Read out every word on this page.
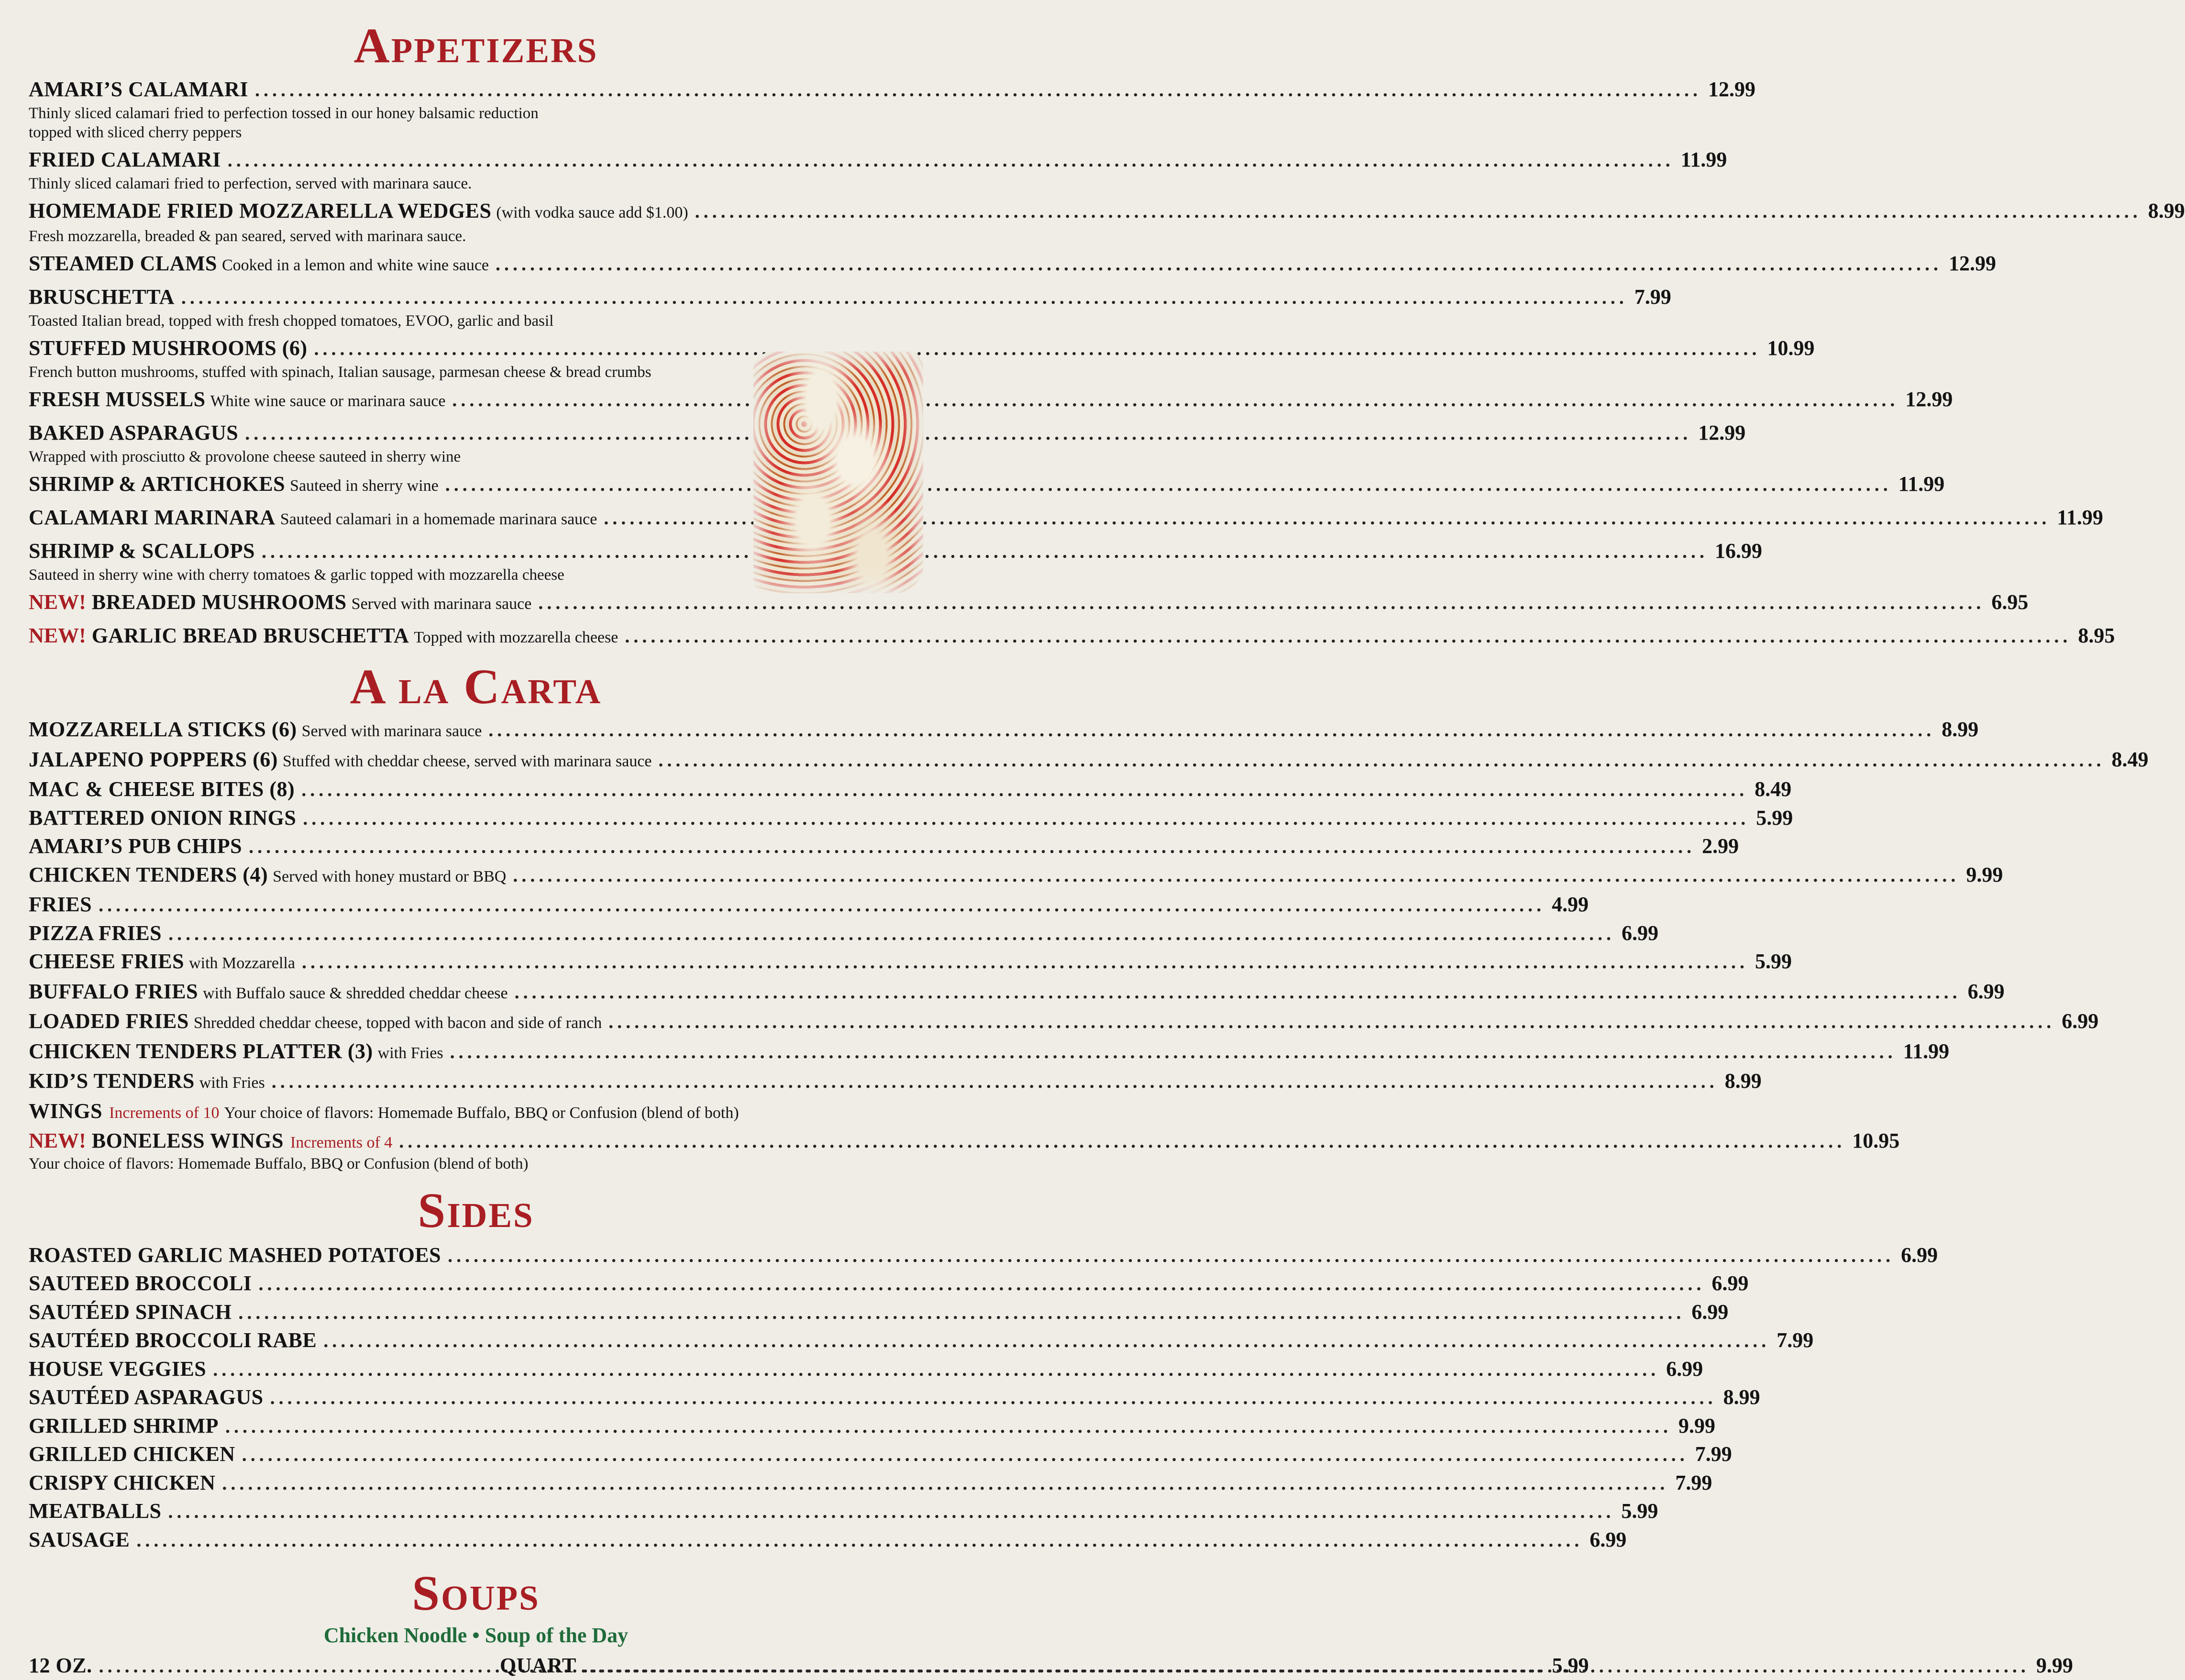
Appetizers
AMARI’S CALAMARI .....	12.99
Thinly sliced calamari fried to perfection tossed in our honey balsamic reduction
topped with sliced cherry peppers
FRIED CALAMARI .....	11.99
Thinly sliced calamari fried to perfection, served with marinara sauce.
HOMEMADE FRIED MOZZARELLA WEDGES (with vodka sauce add $1.00) .....	8.99
Fresh mozzarella, breaded & pan seared, served with marinara sauce.
STEAMED CLAMS Cooked in a lemon and white wine sauce .....	12.99
BRUSCHETTA .....	7.99
Toasted Italian bread, topped with fresh chopped tomatoes, EVOO, garlic and basil
STUFFED MUSHROOMS (6) .....	10.99
French button mushrooms, stuffed with spinach, Italian sausage, parmesan cheese & bread crumbs
FRESH MUSSELS White wine sauce or marinara sauce .....	12.99
BAKED ASPARAGUS .....	12.99
Wrapped with prosciutto & provolone cheese sauteed in sherry wine
SHRIMP & ARTICHOKES Sauteed in sherry wine .....	11.99
CALAMARI MARINARA Sauteed calamari in a homemade marinara sauce .....	11.99
SHRIMP & SCALLOPS .....	16.99
Sauteed in sherry wine with cherry tomatoes & garlic topped with mozzarella cheese
NEW! BREADED MUSHROOMS Served with marinara sauce .....	6.95
NEW! GARLIC BREAD BRUSCHETTA Topped with mozzarella cheese .....	8.95
A la Carta
MOZZARELLA STICKS (6) Served with marinara sauce .....	8.99
JALAPENO POPPERS (6) Stuffed with cheddar cheese, served with marinara sauce .....	8.49
MAC & CHEESE BITES (8) .....	8.49
BATTERED ONION RINGS .....	5.99
AMARI’S PUB CHIPS .....	2.99
CHICKEN TENDERS (4) Served with honey mustard or BBQ .....	9.99
FRIES .....	4.99
PIZZA FRIES .....	6.99
CHEESE FRIES with Mozzarella .....	5.99
BUFFALO FRIES with Buffalo sauce & shredded cheddar cheese .....	6.99
LOADED FRIES Shredded cheddar cheese, topped with bacon and side of ranch .....	6.99
CHICKEN TENDERS PLATTER (3) with Fries .....	11.99
KID’S TENDERS with Fries .....	8.99
WINGS Increments of 10 Your choice of flavors: Homemade Buffalo, BBQ or Confusion (blend of both)
NEW! BONELESS WINGS Increments of 4 .....	10.95
Your choice of flavors: Homemade Buffalo, BBQ or Confusion (blend of both)
Sides
ROASTED GARLIC MASHED POTATOES .....	6.99
SAUTEED BROCCOLI .....	6.99
SAUTÉED SPINACH .....	6.99
SAUTÉED BROCCOLI RABE .....	7.99
HOUSE VEGGIES .....	6.99
SAUTÉED ASPARAGUS .....	8.99
GRILLED SHRIMP .....	9.99
GRILLED CHICKEN .....	7.99
CRISPY CHICKEN .....	7.99
MEATBALLS .....	5.99
SAUSAGE .....	6.99
Soups
Chicken Noodle • Soup of the Day
12 OZ. .....	5.99
QUART .....	9.99
